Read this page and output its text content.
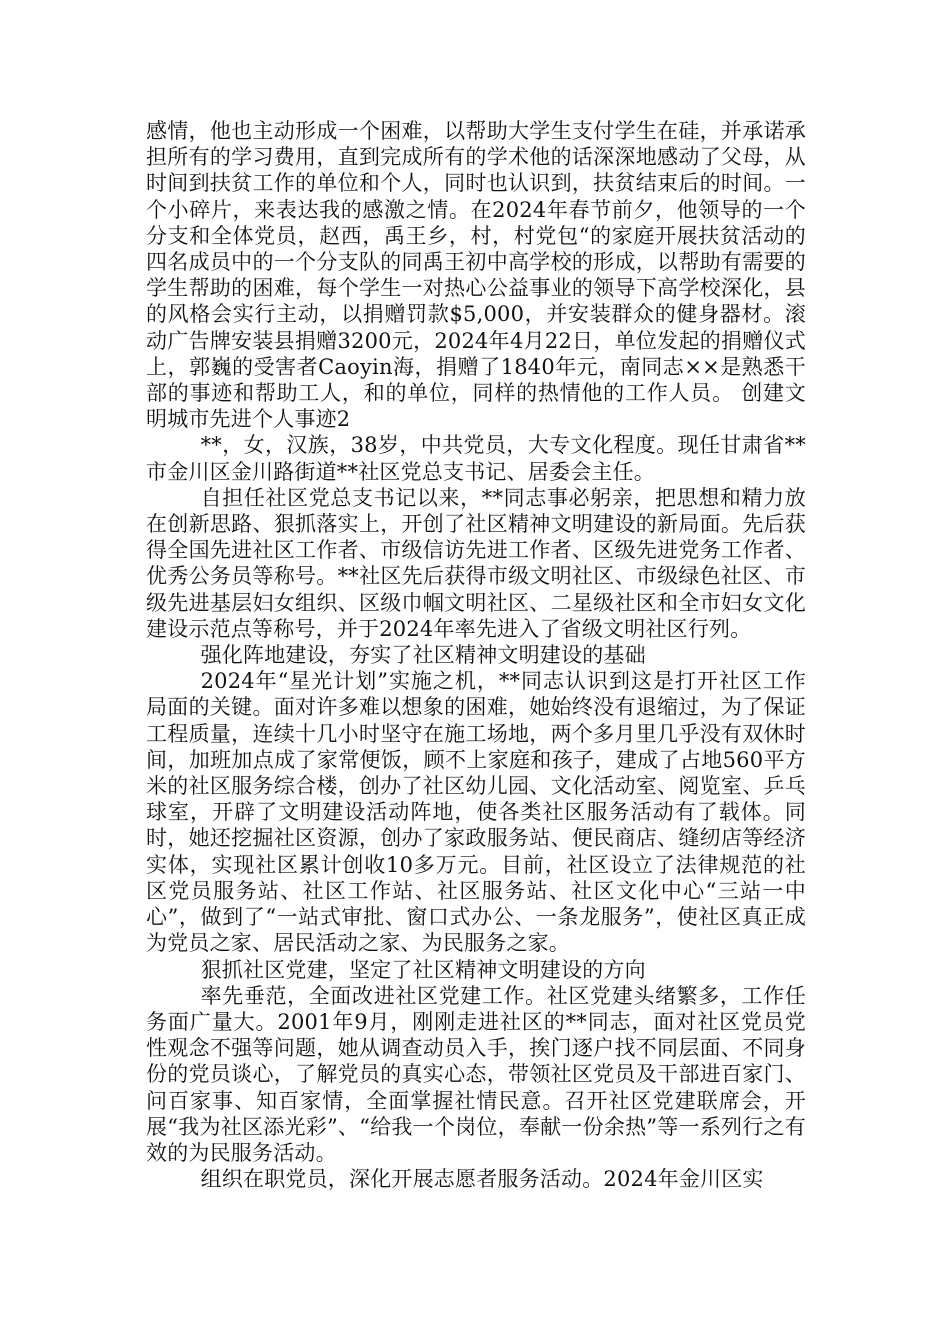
感情，他也主动形成一个困难，以帮助大学生支付学生在硅，并承诺承担所有的学习费用，直到完成所有的学术他的话深深地感动了父母，从时间到扶贫工作的单位和个人，同时也认识到，扶贫结束后的时间。一个小碎片，来表达我的感激之情。在2024年春节前夕，他领导的一个分支和全体党员，赵西，禹王乡，村，村党包“的家庭开展扶贫活动的四名成员中的一个分支队的同禹王初中高学校的形成，以帮助有需要的学生帮助的困难，每个学生一对热心公益事业的领导下高学校深化，县的风格会实行主动，以捐赠罚款$5,000，并安装群众的健身器材。滚动广告牌安装县捐赠3200元，2024年4月22日，单位发起的捐赠仪式上，郭巍的受害者Caoyin海，捐赠了1840年元，南同志××是熟悉干部的事迹和帮助工人，和的单位，同样的热情他的工作人员。 创建文明城市先进个人事迹2

**，女，汉族，38岁，中共党员，大专文化程度。现任甘肃省**市金川区金川路街道**社区党总支书记、居委会主任。

自担任社区党总支书记以来，**同志事必躬亲，把思想和精力放在创新思路、狠抓落实上，开创了社区精神文明建设的新局面。先后获得全国先进社区工作者、市级信访先进工作者、区级先进党务工作者、优秀公务员等称号。**社区先后获得市级文明社区、市级绿色社区、市级先进基层妇女组织、区级巾帼文明社区、二星级社区和全市妇女文化建设示范点等称号，并于2024年率先进入了省级文明社区行列。

强化阵地建设，夯实了社区精神文明建设的基础

2024年“星光计划”实施之机，**同志认识到这是打开社区工作局面的关键。面对许多难以想象的困难，她始终没有退缩过，为了保证工程质量，连续十几小时坚守在施工场地，两个多月里几乎没有双休时间，加班加点成了家常便饭，顾不上家庭和孩子，建成了占地560平方米的社区服务综合楼，创办了社区幼儿园、文化活动室、阅览室、乒乓球室，开辟了文明建设活动阵地，使各类社区服务活动有了载体。同时，她还挖掘社区资源，创办了家政服务站、便民商店、缝纫店等经济实体，实现社区累计创收10多万元。目前，社区设立了法律规范的社区党员服务站、社区工作站、社区服务站、社区文化中心“三站一中心”，做到了“一站式审批、窗口式办公、一条龙服务”，使社区真正成为党员之家、居民活动之家、为民服务之家。

狠抓社区党建，坚定了社区精神文明建设的方向

率先垂范，全面改进社区党建工作。社区党建头绪繁多，工作任务面广量大。2001年9月，刚刚走进社区的**同志，面对社区党员党性观念不强等问题，她从调查动员入手，挨门逐户找不同层面、不同身份的党员谈心，了解党员的真实心态，带领社区党员及干部进百家门、问百家事、知百家情，全面掌握社情民意。召开社区党建联席会，开展“我为社区添光彩”、“给我一个岗位，奉献一份余热”等一系列行之有效的为民服务活动。

组织在职党员，深化开展志愿者服务活动。2024年金川区实
